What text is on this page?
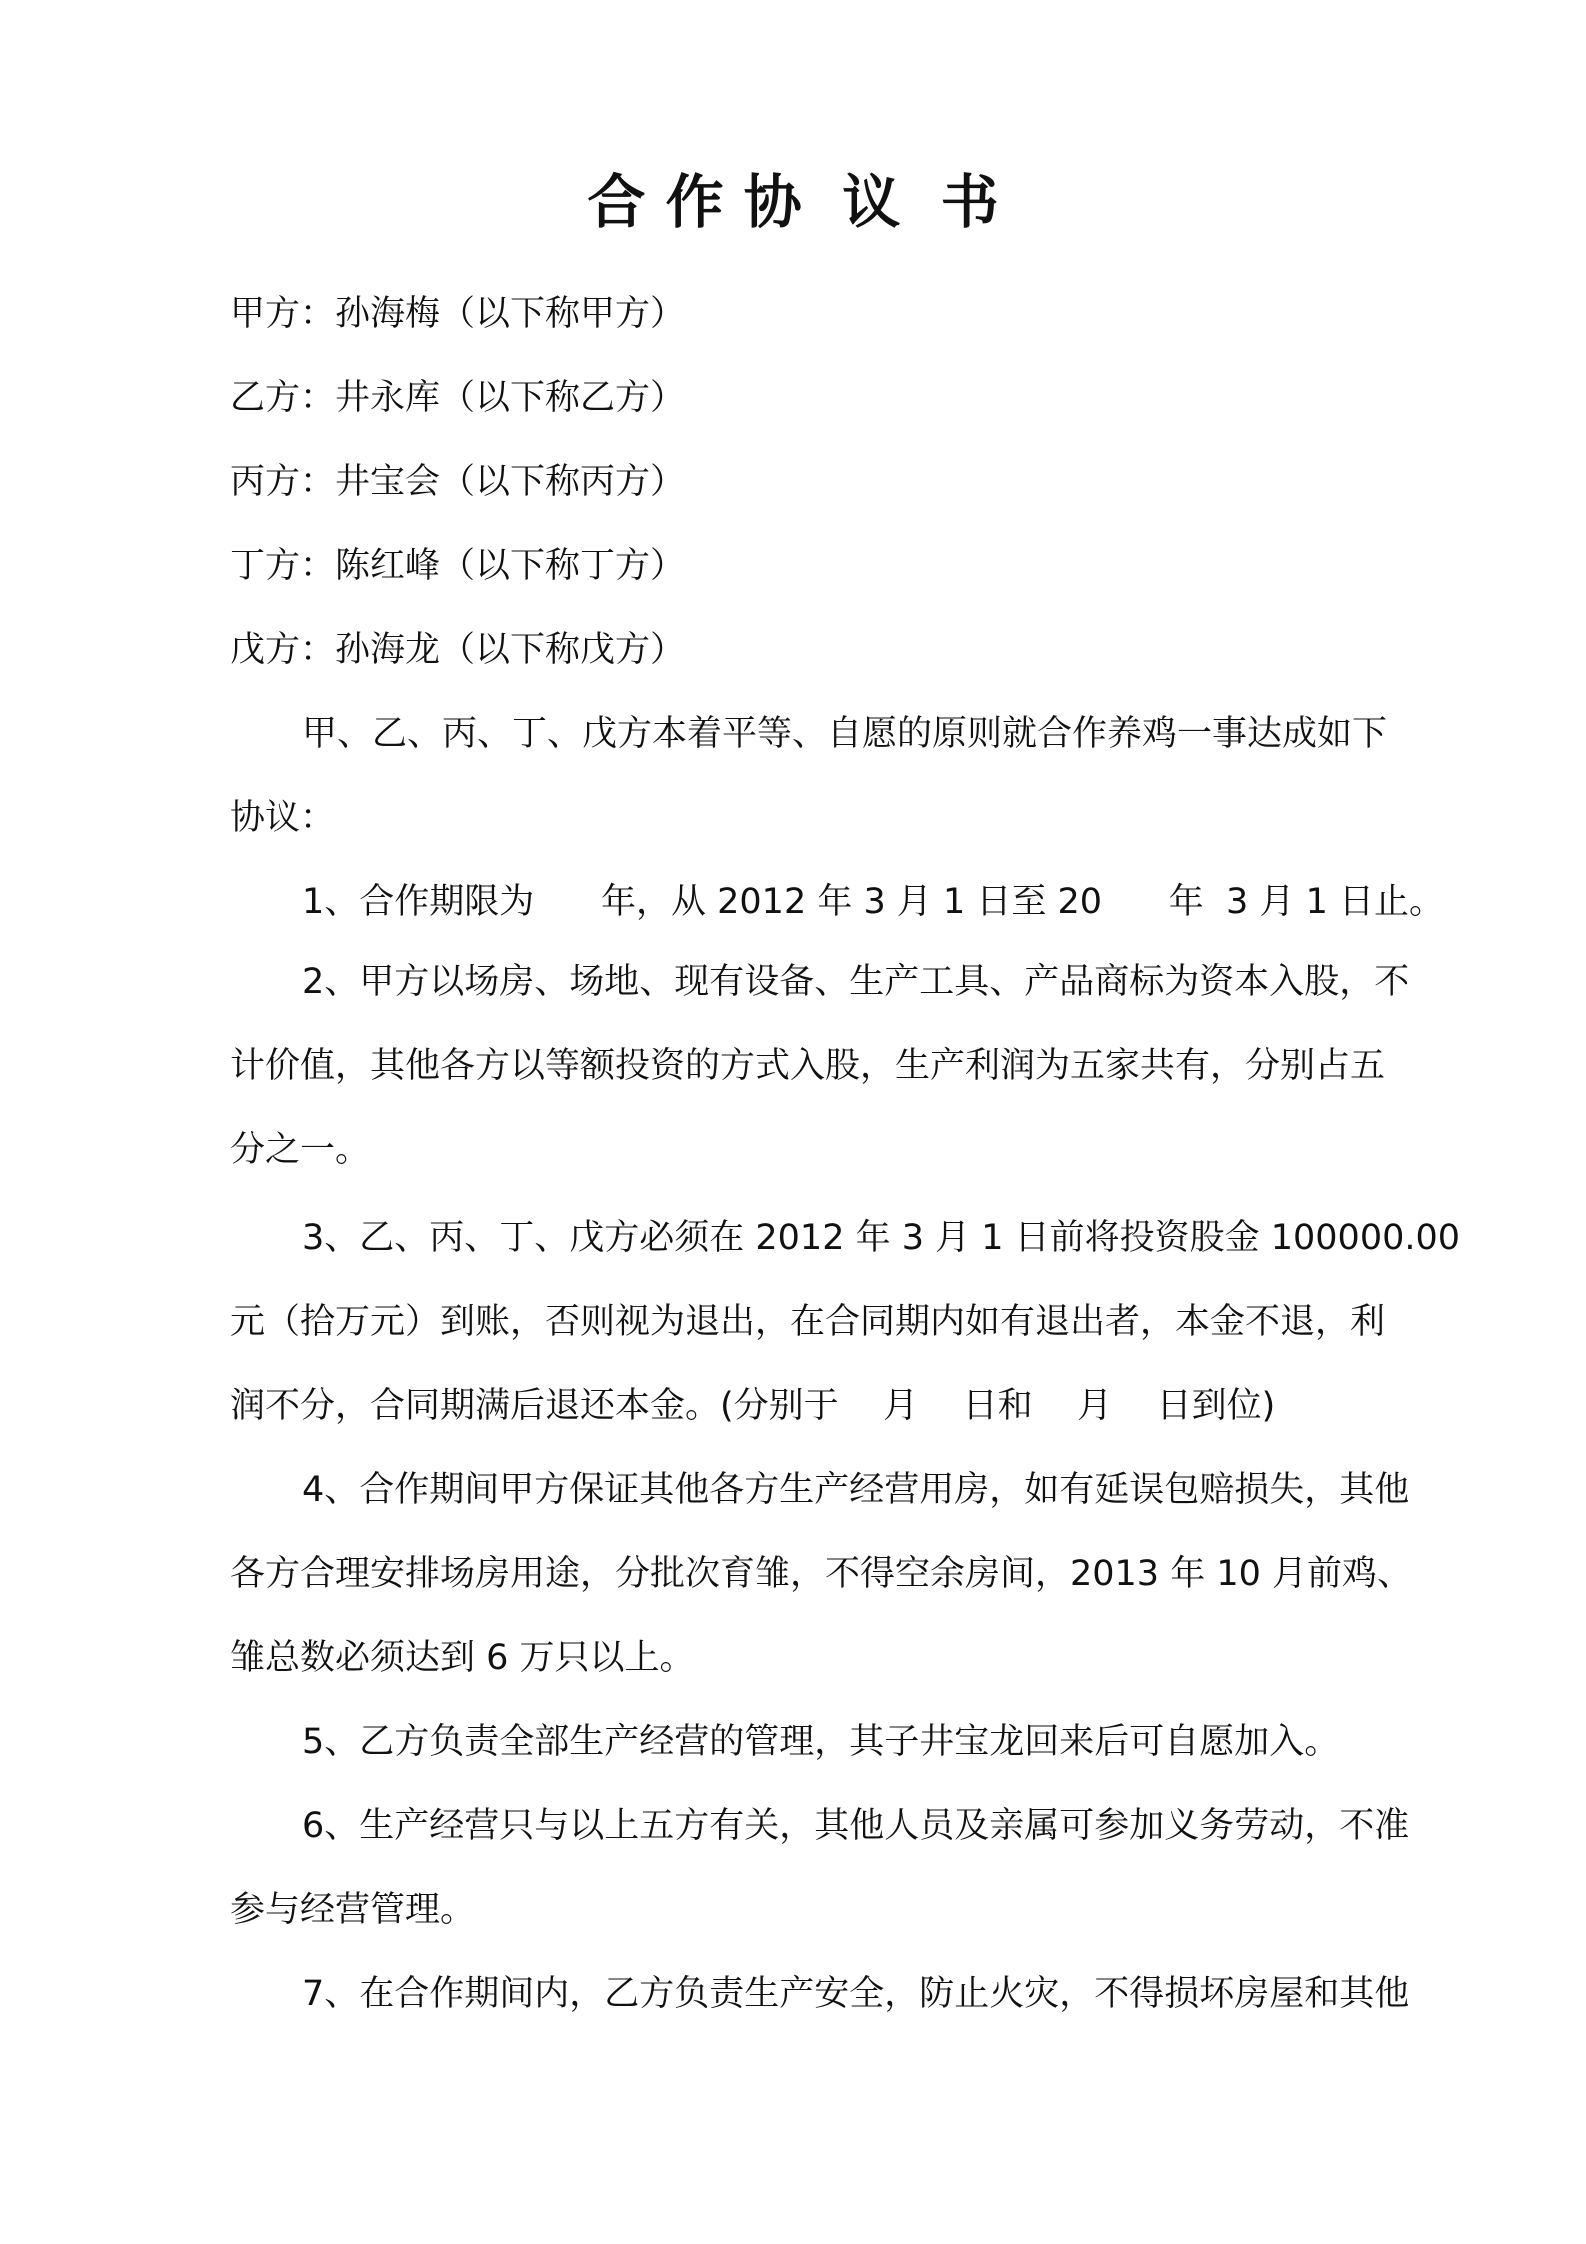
合 作 协  议  书
甲方：孙海梅（以下称甲方）
乙方：井永库（以下称乙方）
丙方：井宝会（以下称丙方）
丁方：陈红峰（以下称丁方）
戊方：孙海龙（以下称戊方）
甲、乙、丙、丁、戊方本着平等、自愿的原则就合作养鸡一事达成如下
协议：
1、合作期限为      年，从 2012 年 3 月 1 日至 20      年  3 月 1 日止。
2、甲方以场房、场地、现有设备、生产工具、产品商标为资本入股，不
计价值，其他各方以等额投资的方式入股，生产利润为五家共有，分别占五
分之一。
3、乙、丙、丁、戊方必须在 2012 年 3 月 1 日前将投资股金 100000.00
元（拾万元）到账，否则视为退出，在合同期内如有退出者，本金不退，利
润不分，合同期满后退还本金。(分别于    月    日和    月    日到位)
4、合作期间甲方保证其他各方生产经营用房，如有延误包赔损失，其他
各方合理安排场房用途，分批次育雏，不得空余房间，2013 年 10 月前鸡、
雏总数必须达到 6 万只以上。
5、乙方负责全部生产经营的管理，其子井宝龙回来后可自愿加入。
6、生产经营只与以上五方有关，其他人员及亲属可参加义务劳动，不准
参与经营管理。
7、在合作期间内，乙方负责生产安全，防止火灾，不得损坏房屋和其他
